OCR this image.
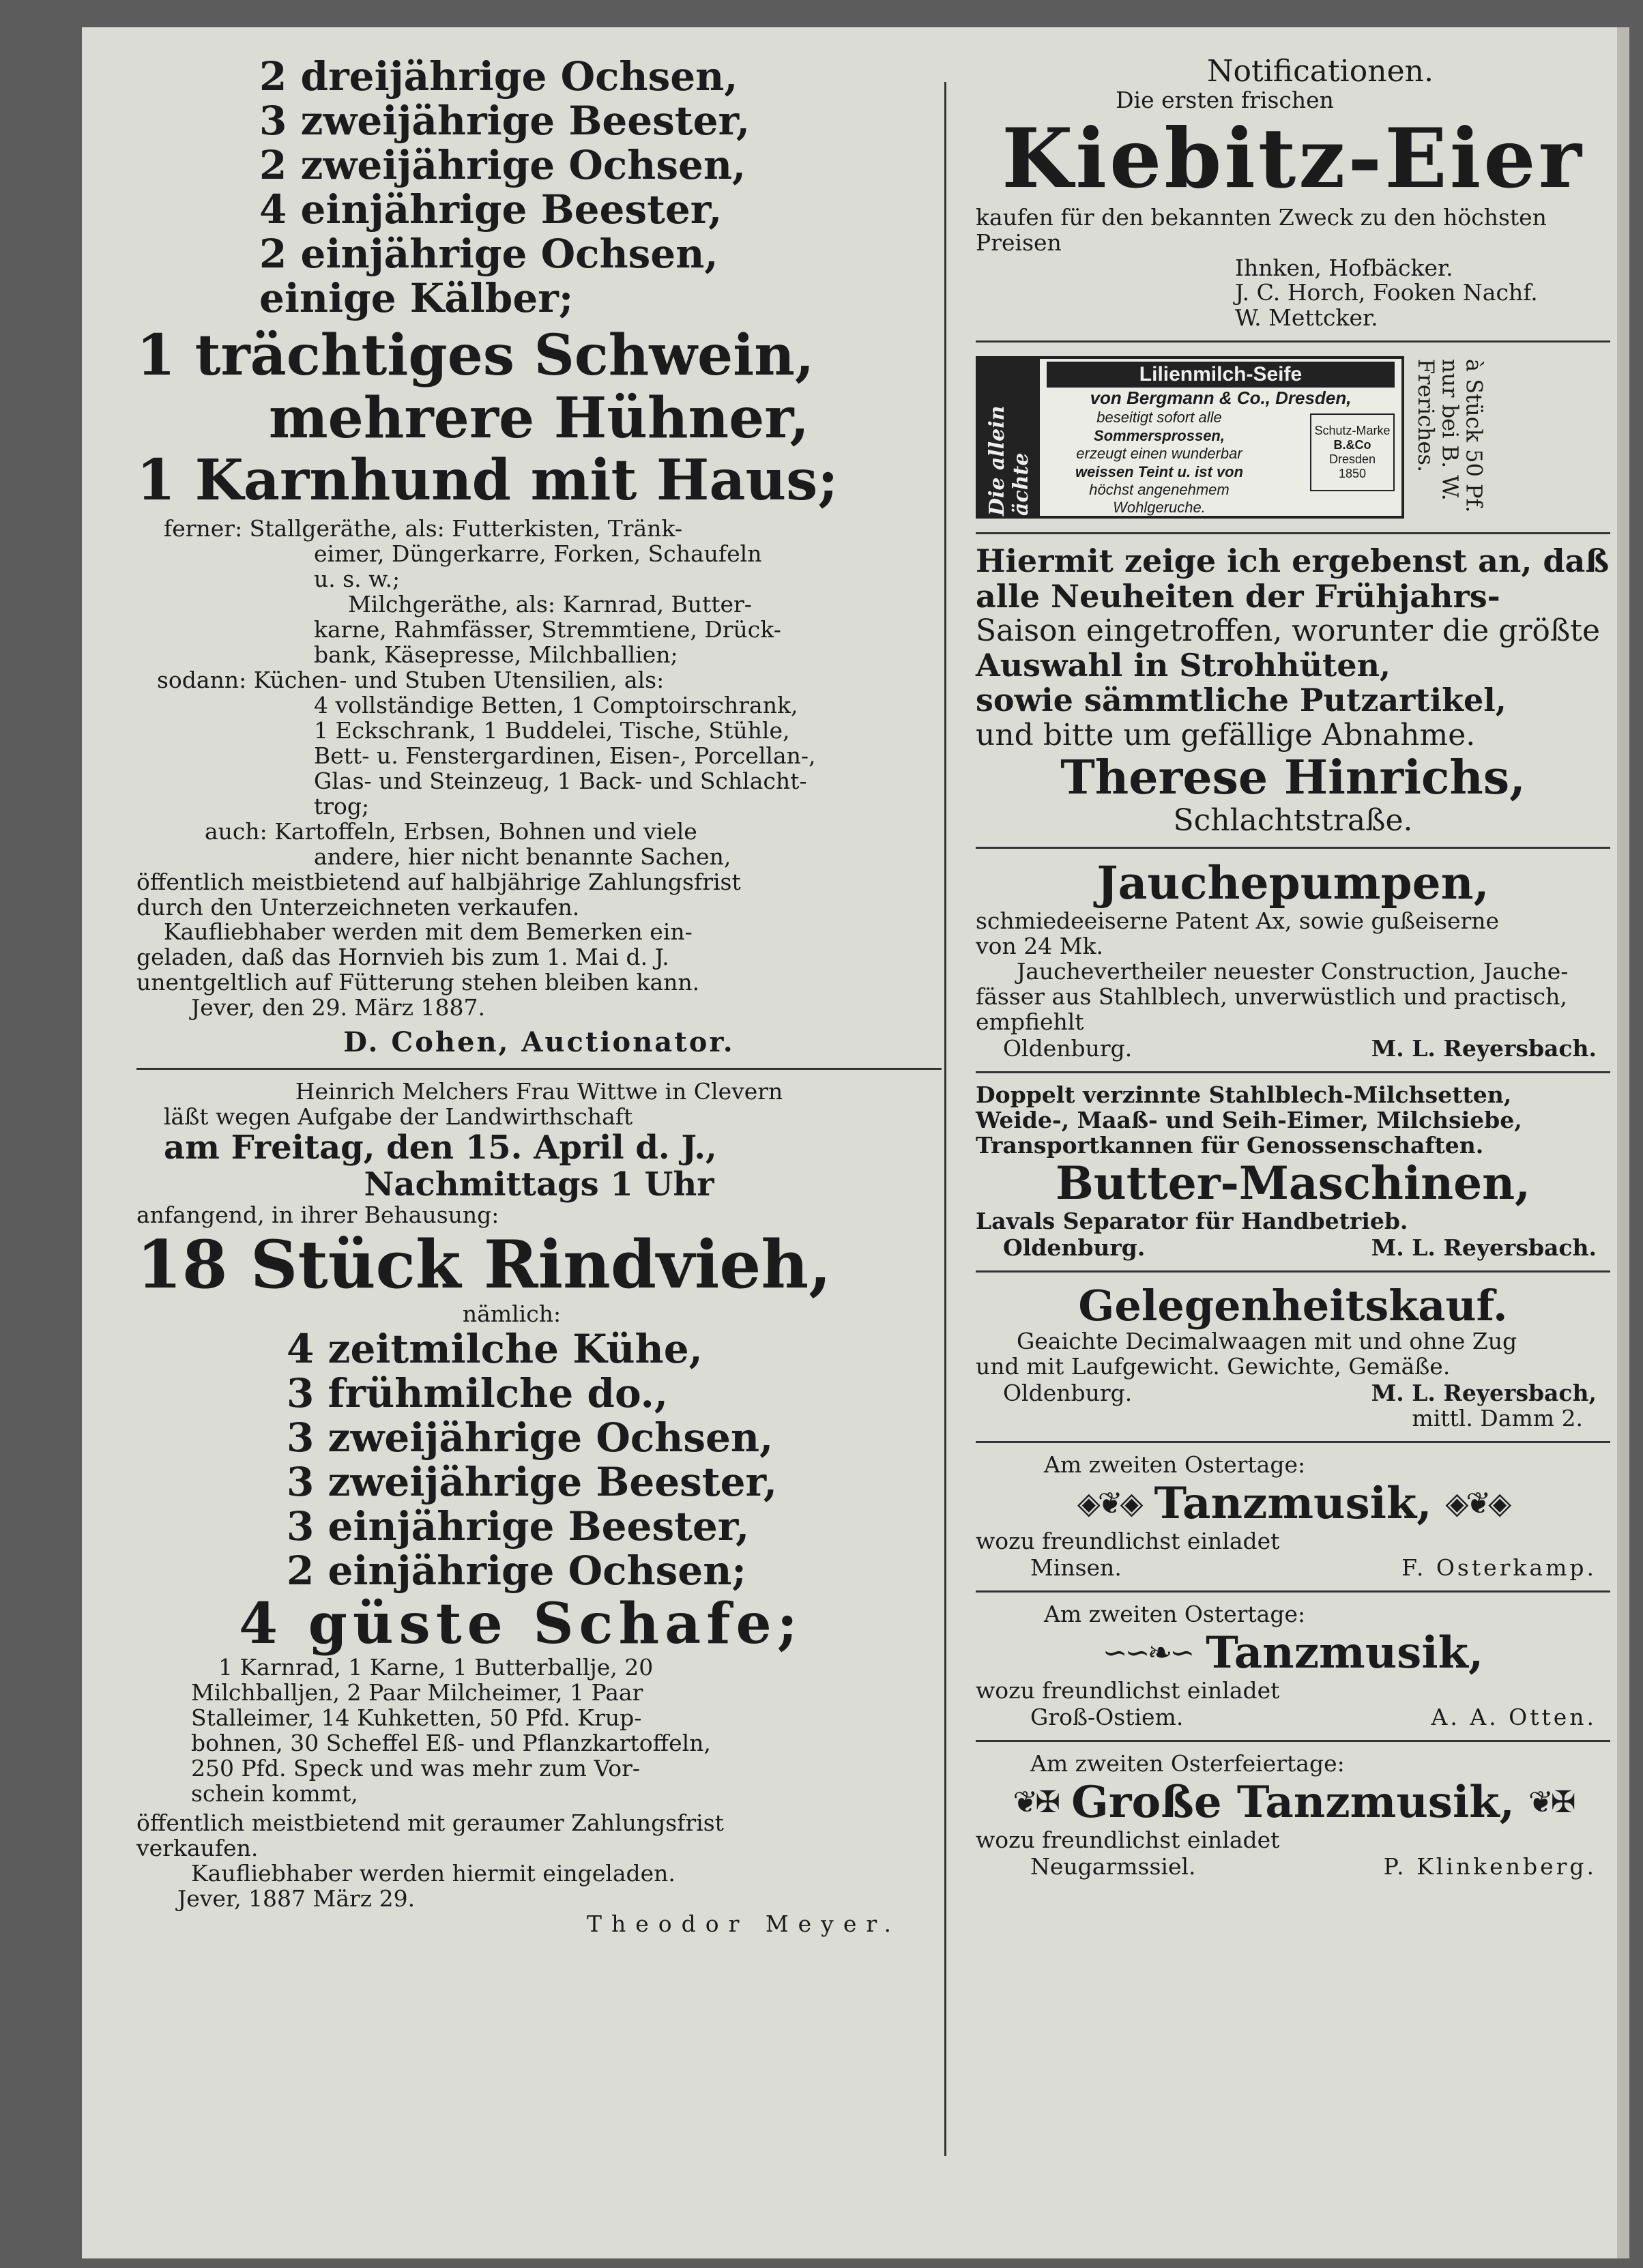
2 dreijährige Ochsen,
3 zweijährige Beester,
2 zweijährige Ochsen,
4 einjährige Beester,
2 einjährige Ochsen,
einige Kälber;
1 trächtiges Schwein,
mehrere Hühner,
1 Karnhund mit Haus;
ferner: Stallgeräthe, als: Futterkisten, Tränk-
eimer, Düngerkarre, Forken, Schaufeln
u. s. w.;
Milchgeräthe, als: Karnrad, Butter-
karne, Rahmfässer, Stremmtiene, Drück-
bank, Käsepresse, Milchballien;
sodann: Küchen- und Stuben Utensilien, als:
4 vollständige Betten, 1 Comptoirschrank,
1 Eckschrank, 1 Buddelei, Tische, Stühle,
Bett- u. Fenstergardinen, Eisen-, Porcellan-,
Glas- und Steinzeug, 1 Back- und Schlacht-
trog;
auch: Kartoffeln, Erbsen, Bohnen und viele
andere, hier nicht benannte Sachen,
öffentlich meistbietend auf halbjährige Zahlungsfrist
durch den Unterzeichneten verkaufen.
Kaufliebhaber werden mit dem Bemerken ein-
geladen, daß das Hornvieh bis zum 1. Mai d. J.
unentgeltlich auf Fütterung stehen bleiben kann.
Jever, den 29. März 1887.
D. Cohen, Auctionator.
Heinrich Melchers Frau Wittwe in Clevern
läßt wegen Aufgabe der Landwirthschaft
am Freitag, den 15. April d. J.,
Nachmittags 1 Uhr
anfangend, in ihrer Behausung:
18 Stück Rindvieh,
nämlich:
4 zeitmilche Kühe,
3 frühmilche do.,
3 zweijährige Ochsen,
3 zweijährige Beester,
3 einjährige Beester,
2 einjährige Ochsen;
4 güste Schafe;
1 Karnrad, 1 Karne, 1 Butterballje, 20
Milchballjen, 2 Paar Milcheimer, 1 Paar
Stalleimer, 14 Kuhketten, 50 Pfd. Krup-
bohnen, 30 Scheffel Eß- und Pflanzkartoffeln,
250 Pfd. Speck und was mehr zum Vor-
schein kommt,
öffentlich meistbietend mit geraumer Zahlungsfrist
verkaufen.
Kaufliebhaber werden hiermit eingeladen.
Jever, 1887 März 29.
Theodor Meyer.
Notificationen.
Die ersten frischen
Kiebitz-Eier
kaufen für den bekannten Zweck zu den höchsten
Preisen
Ihnken, Hofbäcker.
J. C. Horch, Fooken Nachf.
W. Mettcker.
Die allein ächte
Lilienmilch-Seife
von Bergmann & Co., Dresden,
beseitigt sofort alle
Sommersprossen,
erzeugt einen wunderbar
weissen Teint u. ist von
höchst angenehmem
Wohlgeruche.
Schutz-Marke
B.&Co
Dresden
1850	à Stück 50 Pf.
nur bei B. W.
Freriches.
Hiermit zeige ich ergebenst an, daß
alle Neuheiten der Frühjahrs-
Saison eingetroffen, worunter die größte
Auswahl in Strohhüten,
sowie sämmtliche Putzartikel,
und bitte um gefällige Abnahme.
Therese Hinrichs,
Schlachtstraße.
Jauchepumpen,
schmiedeeiserne Patent Ax, sowie gußeiserne
von 24 Mk.
Jauchevertheiler neuester Construction, Jauche-
fässer aus Stahlblech, unverwüstlich und practisch,
empfiehlt
Oldenburg.	M. L. Reyersbach.
Doppelt verzinnte Stahlblech-Milchsetten,
Weide-, Maaß- und Seih-Eimer, Milchsiebe,
Transportkannen für Genossenschaften.
Butter-Maschinen,
Lavals Separator für Handbetrieb.
Oldenburg.	M. L. Reyersbach.
Gelegenheitskauf.
Geaichte Decimalwaagen mit und ohne Zug
und mit Laufgewicht. Gewichte, Gemäße.
Oldenburg.	M. L. Reyersbach,
mittl. Damm 2.
Am zweiten Ostertage:
◈❦◈ Tanzmusik, ◈❦◈
wozu freundlichst einladet
Minsen.	F. Osterkamp.
Am zweiten Ostertage:
∽∽❧∽ Tanzmusik,
wozu freundlichst einladet
Groß-Ostiem.	A. A. Otten.
Am zweiten Osterfeiertage:
❦✠ Große Tanzmusik, ❦✠
wozu freundlichst einladet
Neugarmssiel.	P. Klinkenberg.
